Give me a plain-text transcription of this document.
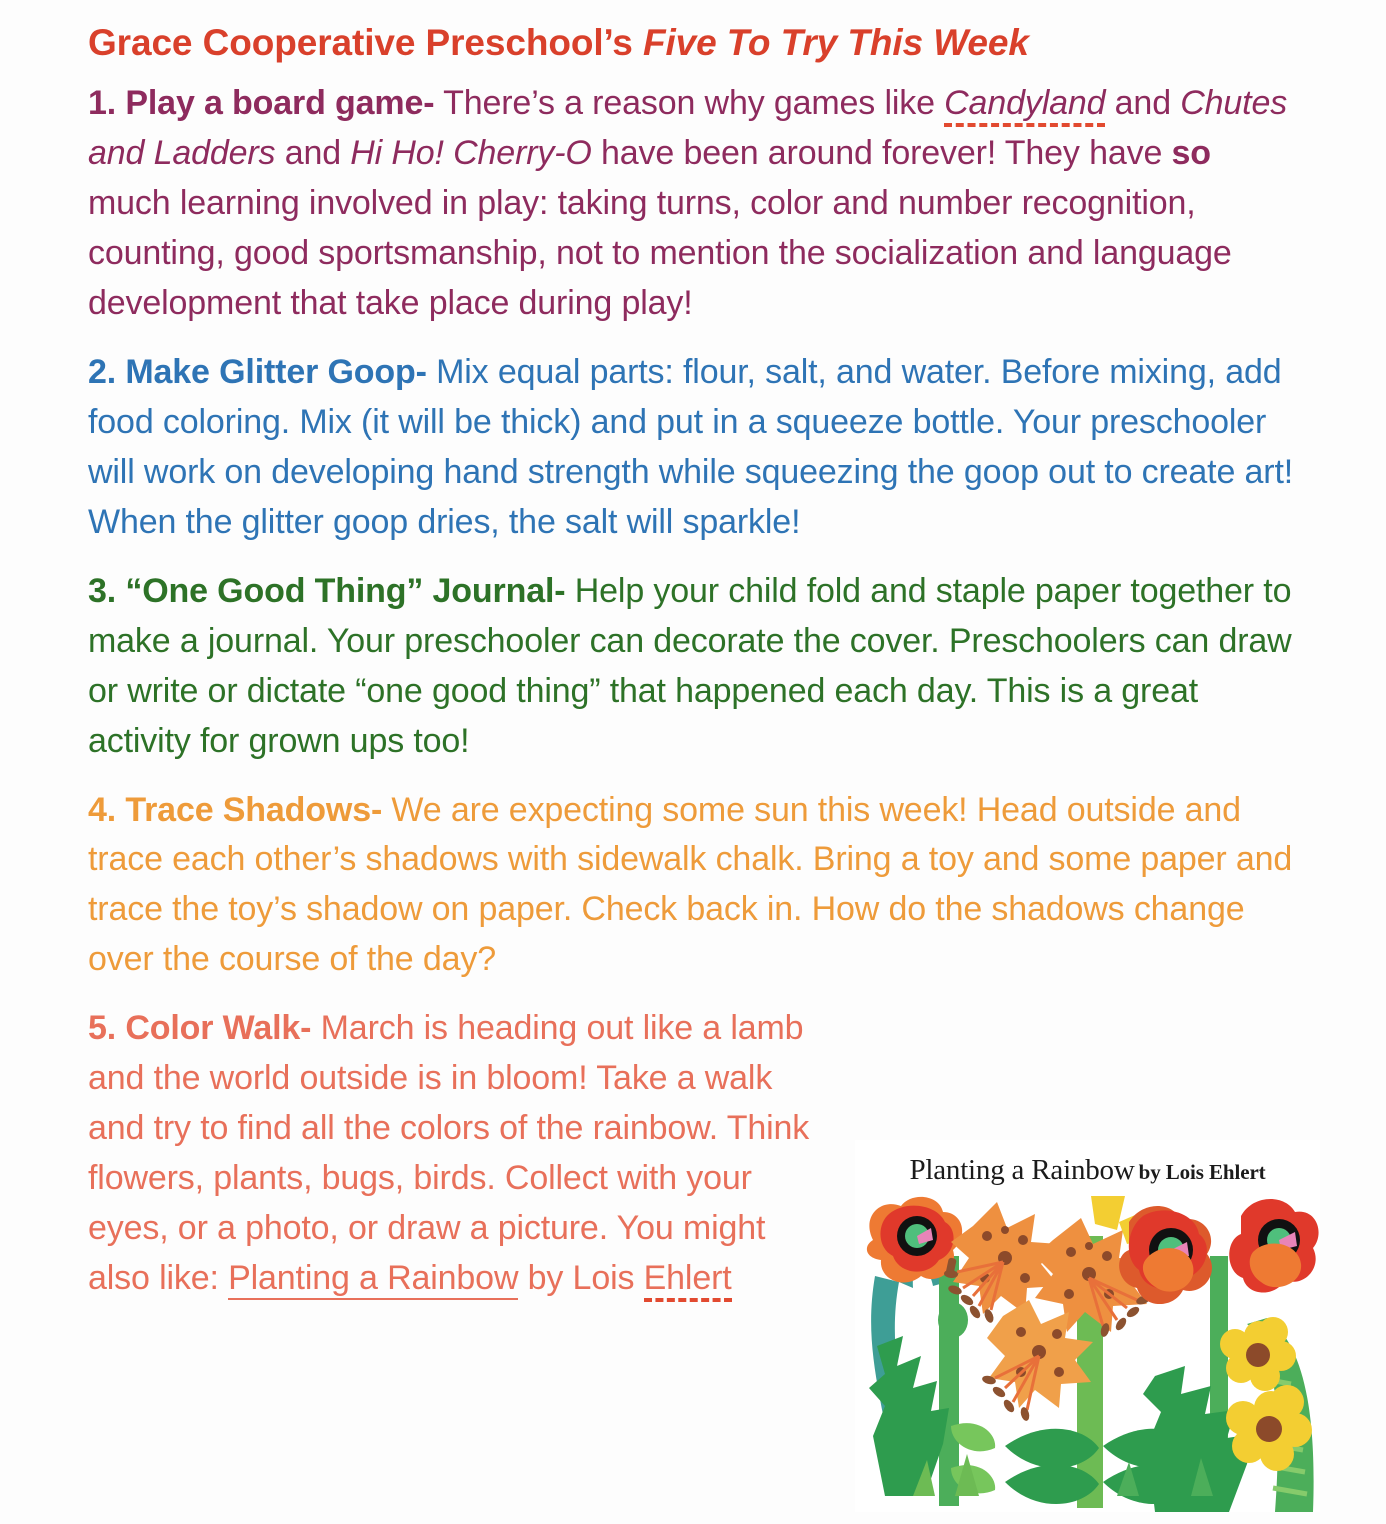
Grace Cooperative Preschool’s Five To Try This Week

1. Play a board game- There’s a reason why games like Candyland and Chutes and Ladders and Hi Ho! Cherry-O have been around forever! They have so much learning involved in play: taking turns, color and number recognition, counting, good sportsmanship, not to mention the socialization and language development that take place during play!

2. Make Glitter Goop- Mix equal parts: flour, salt, and water. Before mixing, add food coloring. Mix (it will be thick) and put in a squeeze bottle. Your preschooler will work on developing hand strength while squeezing the goop out to create art! When the glitter goop dries, the salt will sparkle!

3. “One Good Thing” Journal- Help your child fold and staple paper together to make a journal. Your preschooler can decorate the cover. Preschoolers can draw or write or dictate “one good thing” that happened each day. This is a great activity for grown ups too!

4. Trace Shadows- We are expecting some sun this week! Head outside and trace each other’s shadows with sidewalk chalk. Bring a toy and some paper and trace the toy’s shadow on paper. Check back in. How do the shadows change over the course of the day?

5. Color Walk- March is heading out like a lamb and the world outside is in bloom! Take a walk and try to find all the colors of the rainbow. Think flowers, plants, bugs, birds. Collect with your eyes, or a photo, or draw a picture. You might also like: Planting a Rainbow by Lois Ehlert

Planting a Rainbow by Lois Ehlert
